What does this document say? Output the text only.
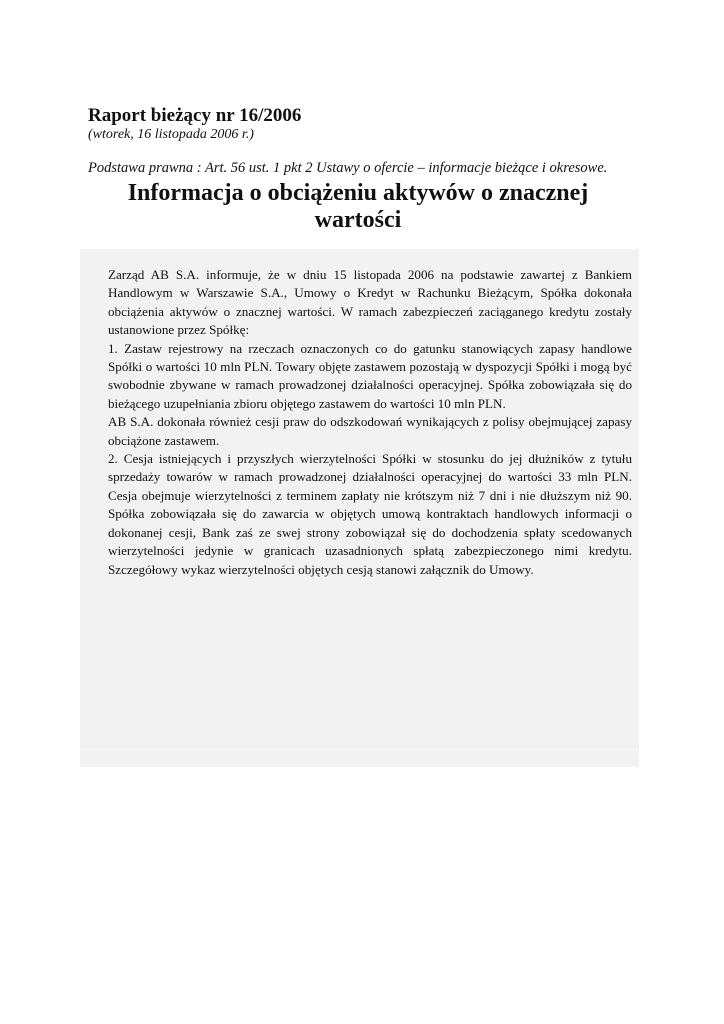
Raport bieżący nr 16/2006
(wtorek, 16 listopada 2006 r.)
Podstawa prawna : Art. 56 ust. 1 pkt 2 Ustawy o ofercie – informacje bieżące i okresowe.
Informacja o obciążeniu aktywów o znacznej wartości

Zarząd AB S.A. informuje, że w dniu 15 listopada 2006 na podstawie zawartej z Bankiem Handlowym w Warszawie S.A., Umowy o Kredyt w Rachunku Bieżącym, Spółka dokonała obciążenia aktywów o znacznej wartości. W ramach zabezpieczeń zaciąganego kredytu zostały ustanowione przez Spółkę:

1. Zastaw rejestrowy na rzeczach oznaczonych co do gatunku stanowiących zapasy handlowe Spółki o wartości 10 mln PLN. Towary objęte zastawem pozostają w dyspozycji Spółki i mogą być swobodnie zbywane w ramach prowadzonej działalności operacyjnej. Spółka zobowiązała się do bieżącego uzupełniania zbioru objętego zastawem do wartości 10 mln PLN.

AB S.A. dokonała również cesji praw do odszkodowań wynikających z polisy obejmującej zapasy obciążone zastawem.

2. Cesja istniejących i przyszłych wierzytelności Spółki w stosunku do jej dłużników z tytułu sprzedaży towarów w ramach prowadzonej działalności operacyjnej do wartości 33 mln PLN. Cesja obejmuje wierzytelności z terminem zapłaty nie krótszym niż 7 dni i nie dłuższym niż 90. Spółka zobowiązała się do zawarcia w objętych umową kontraktach handlowych informacji o dokonanej cesji, Bank zaś ze swej strony zobowiązał się do dochodzenia spłaty scedowanych wierzytelności jedynie w granicach uzasadnionych spłatą zabezpieczonego nimi kredytu. Szczegółowy wykaz wierzytelności objętych cesją stanowi załącznik do Umowy.
